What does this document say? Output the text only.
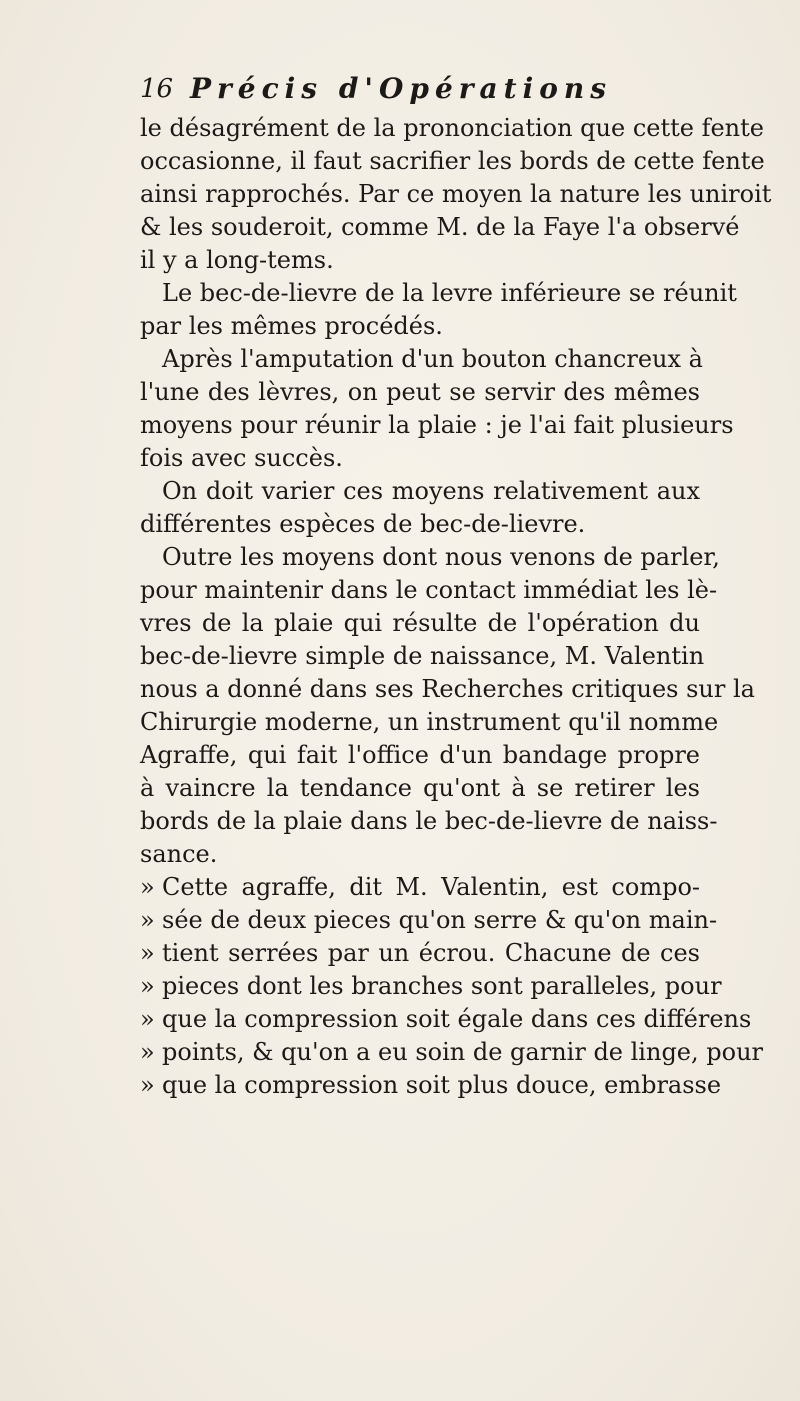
16 Précis d'Opérations
le désagrément de la prononciation que cette fente
occasionne, il faut sacrifier les bords de cette fente
ainsi rapprochés. Par ce moyen la nature les uniroit
& les souderoit, comme M. de la Faye l'a observé
il y a long-tems.
Le bec-de-lievre de la levre inférieure se réunit
par les mêmes procédés.
Après l'amputation d'un bouton chancreux à
l'une des lèvres, on peut se servir des mêmes
moyens pour réunir la plaie : je l'ai fait plusieurs
fois avec succès.
On doit varier ces moyens relativement aux
différentes espèces de bec-de-lievre.
Outre les moyens dont nous venons de parler,
pour maintenir dans le contact immédiat les lè-
vres de la plaie qui résulte de l'opération du
bec-de-lievre simple de naissance, M. Valentin
nous a donné dans ses Recherches critiques sur la
Chirurgie moderne, un instrument qu'il nomme
Agraffe, qui fait l'office d'un bandage propre
à vaincre la tendance qu'ont à se retirer les
bords de la plaie dans le bec-de-lievre de naiss-
sance.
» Cette agraffe, dit M. Valentin, est compo-
» sée de deux pieces qu'on serre & qu'on main-
» tient serrées par un écrou. Chacune de ces
» pieces dont les branches sont paralleles, pour
» que la compression soit égale dans ces différens
» points, & qu'on a eu soin de garnir de linge, pour
» que la compression soit plus douce, embrasse
